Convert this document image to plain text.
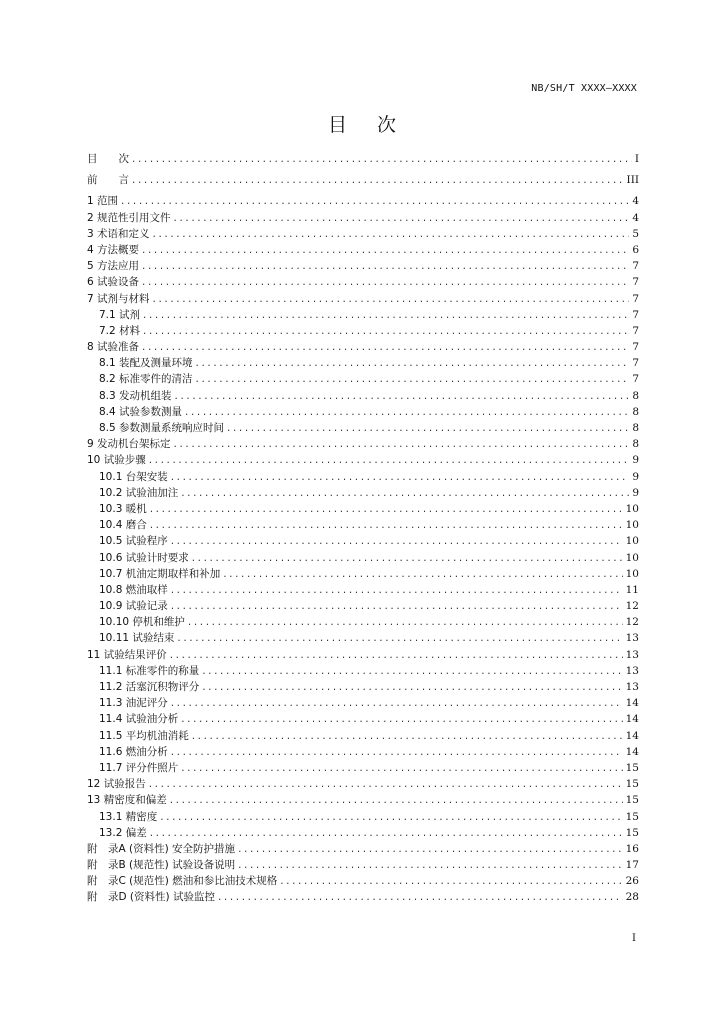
NB/SH/T XXXX—XXXX
目次
目　　次 .....	I
前　　言 .....	III
1 范围 .....	4
2 规范性引用文件 .....	4
3 术语和定义 .....	5
4 方法概要 .....	6
5 方法应用 .....	7
6 试验设备 .....	7
7 试剂与材料 .....	7
7.1 试剂 .....	7
7.2 材料 .....	7
8 试验准备 .....	7
8.1 装配及测量环境 .....	7
8.2 标准零件的清洁 .....	7
8.3 发动机组装 .....	8
8.4 试验参数测量 .....	8
8.5 参数测量系统响应时间 .....	8
9 发动机台架标定 .....	8
10 试验步骤 .....	9
10.1 台架安装 .....	9
10.2 试验油加注 .....	9
10.3 暖机 .....	10
10.4 磨合 .....	10
10.5 试验程序 .....	10
10.6 试验计时要求 .....	10
10.7 机油定期取样和补加 .....	10
10.8 燃油取样 .....	11
10.9 试验记录 .....	12
10.10 停机和维护 .....	12
10.11 试验结束 .....	13
11 试验结果评价 .....	13
11.1 标准零件的称量 .....	13
11.2 活塞沉积物评分 .....	13
11.3 油泥评分 .....	14
11.4 试验油分析 .....	14
11.5 平均机油消耗 .....	14
11.6 燃油分析 .....	14
11.7 评分件照片 .....	15
12 试验报告 .....	15
13 精密度和偏差 .....	15
13.1 精密度 .....	15
13.2 偏差 .....	15
附　录A (资料性) 安全防护措施 .....	16
附　录B (规范性) 试验设备说明 .....	17
附　录C (规范性) 燃油和参比油技术规格 .....	26
附　录D (资料性) 试验监控 .....	28
I
